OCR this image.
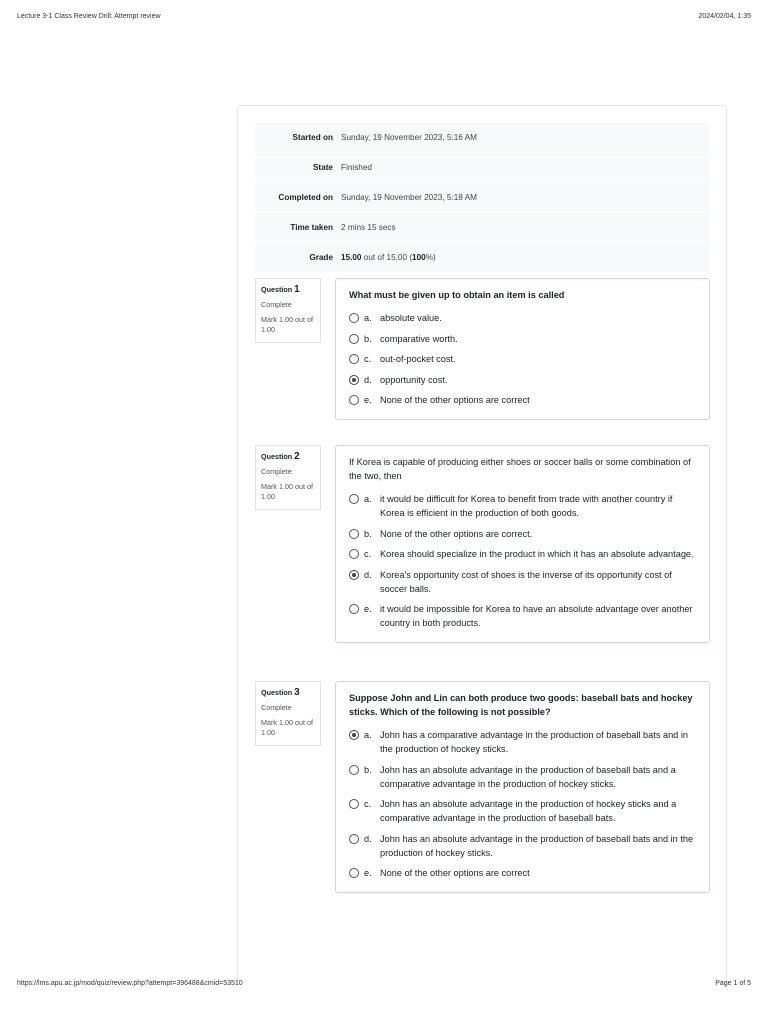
Lecture 3-1 Class Review Drill: Attempt review	2024/02/04, 1:35
Started on Sunday, 19 November 2023, 5:16 AM
State Finished
Completed on Sunday, 19 November 2023, 5:18 AM
Time taken 2 mins 15 secs
Grade 15.00 out of 15.00 (100%)
Question 1
Complete
Mark 1.00 out of 1.00
What must be given up to obtain an item is called
a. absolute value.
b. comparative worth.
c. out-of-pocket cost.
d. opportunity cost.
e. None of the other options are correct
Question 2
Complete
Mark 1.00 out of 1.00
If Korea is capable of producing either shoes or soccer balls or some combination of the two, then
a. it would be difficult for Korea to benefit from trade with another country if Korea is efficient in the production of both goods.
b. None of the other options are correct.
c. Korea should specialize in the product in which it has an absolute advantage.
d. Korea's opportunity cost of shoes is the inverse of its opportunity cost of soccer balls.
e. it would be impossible for Korea to have an absolute advantage over another country in both products.
Question 3
Complete
Mark 1.00 out of 1.00
Suppose John and Lin can both produce two goods: baseball bats and hockey sticks. Which of the following is not possible?
a. John has a comparative advantage in the production of baseball bats and in the production of hockey sticks.
b. John has an absolute advantage in the production of baseball bats and a comparative advantage in the production of hockey sticks.
c. John has an absolute advantage in the production of hockey sticks and a comparative advantage in the production of baseball bats.
d. John has an absolute advantage in the production of baseball bats and in the production of hockey sticks.
e. None of the other options are correct
https://lms.apu.ac.jp/mod/quiz/review.php?attempt=396488&cmid=53510	Page 1 of 5
